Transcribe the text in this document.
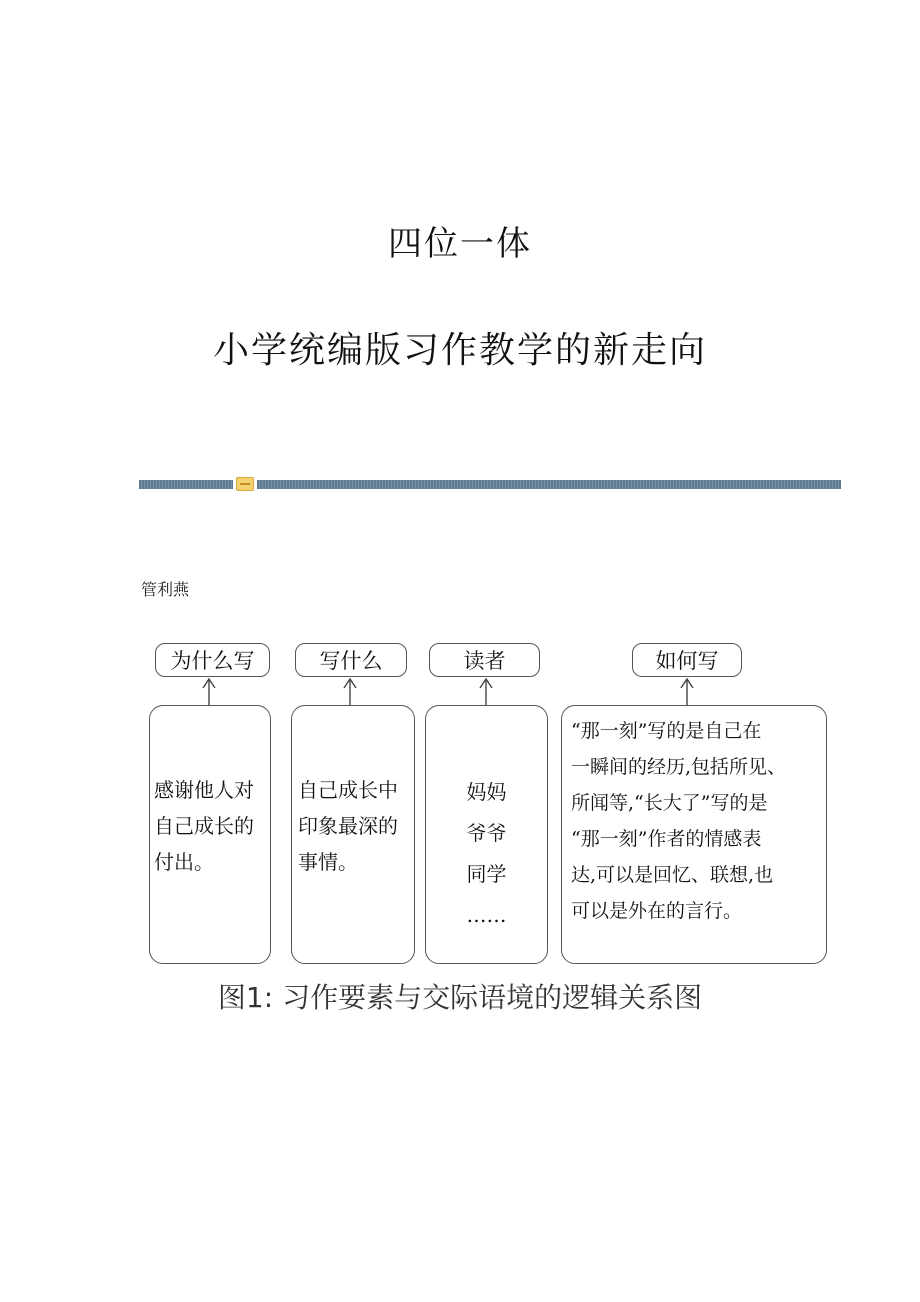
四位一体
小学统编版习作教学的新走向
管利燕
为什么写
感谢他人对
自己成长的
付出。
写什么
自己成长中
印象最深的
事情。
读者
妈妈
爷爷
同学
……
如何写
“那一刻”写的是自己在
一瞬间的经历,包括所见、
所闻等,“长大了”写的是
“那一刻”作者的情感表
达,可以是回忆、联想,也
可以是外在的言行。
图1: 习作要素与交际语境的逻辑关系图
